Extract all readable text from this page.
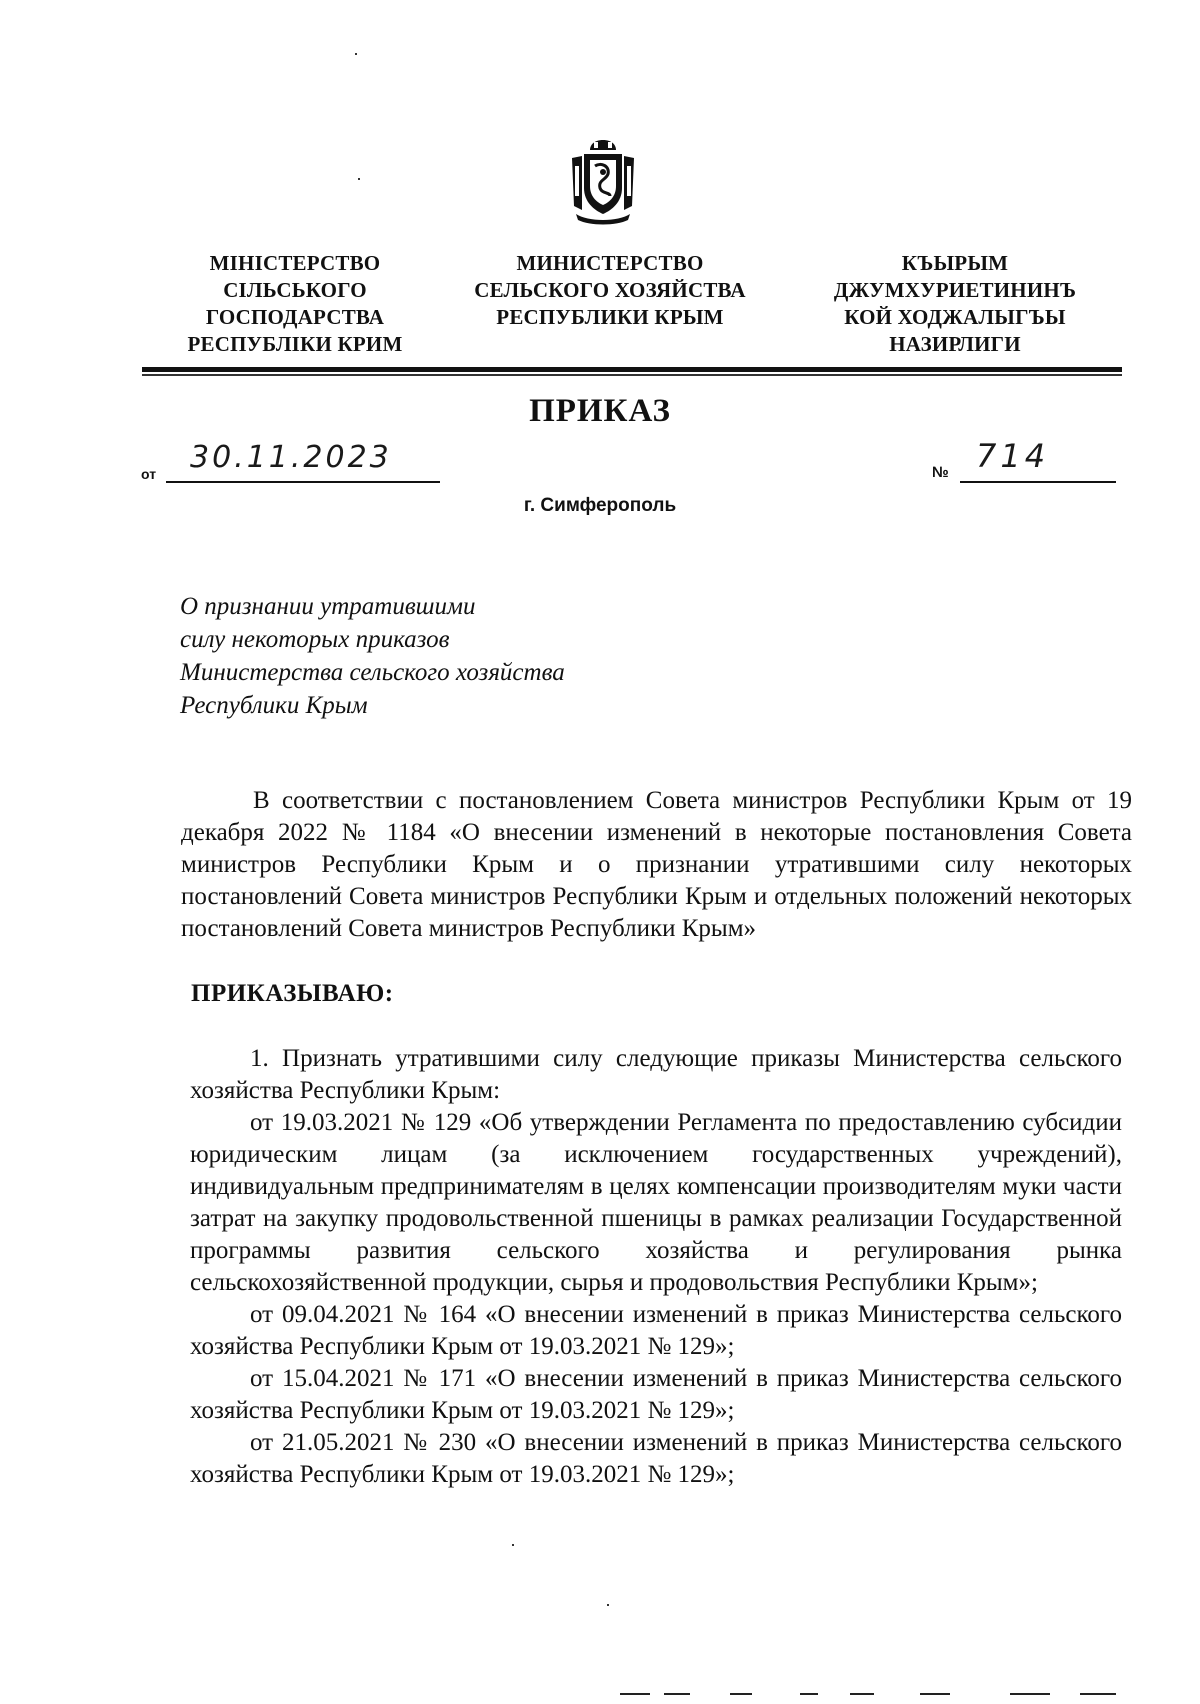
МІНІСТЕРСТВО
СІЛЬСЬКОГО
ГОСПОДАРСТВА
РЕСПУБЛІКИ КРИМ
МИНИСТЕРСТВО
СЕЛЬСКОГО ХОЗЯЙСТВА
РЕСПУБЛИКИ КРЫМ
КЪЫРЫМ
ДЖУМХУРИЕТИНИНЪ
КОЙ ХОДЖАЛЫГЪЫ
НАЗИРЛИГИ
ПРИКАЗ
от 30.11.2023	№ 714
г. Симферополь
О признании утратившими
силу некоторых приказов
Министерства сельского хозяйства
Республики Крым
В соответствии с постановлением Совета министров Республики Крым от 19 декабря 2022 № 1184 «О внесении изменений в некоторые постановления Совета министров Республики Крым и о признании утратившими силу некоторых постановлений Совета министров Республики Крым и отдельных положений некоторых постановлений Совета министров Республики Крым»
ПРИКАЗЫВАЮ:

1. Признать утратившими силу следующие приказы Министерства сельского хозяйства Республики Крым:

от 19.03.2021 № 129 «Об утверждении Регламента по предоставлению субсидии юридическим лицам (за исключением государственных учреждений), индивидуальным предпринимателям в целях компенсации производителям муки части затрат на закупку продовольственной пшеницы в рамках реализации Государственной программы развития сельского хозяйства и регулирования рынка сельскохозяйственной продукции, сырья и продовольствия Республики Крым»;

от 09.04.2021 № 164 «О внесении изменений в приказ Министерства сельского хозяйства Республики Крым от 19.03.2021 № 129»;

от 15.04.2021 № 171 «О внесении изменений в приказ Министерства сельского хозяйства Республики Крым от 19.03.2021 № 129»;

от 21.05.2021 № 230 «О внесении изменений в приказ Министерства сельского хозяйства Республики Крым от 19.03.2021 № 129»;
